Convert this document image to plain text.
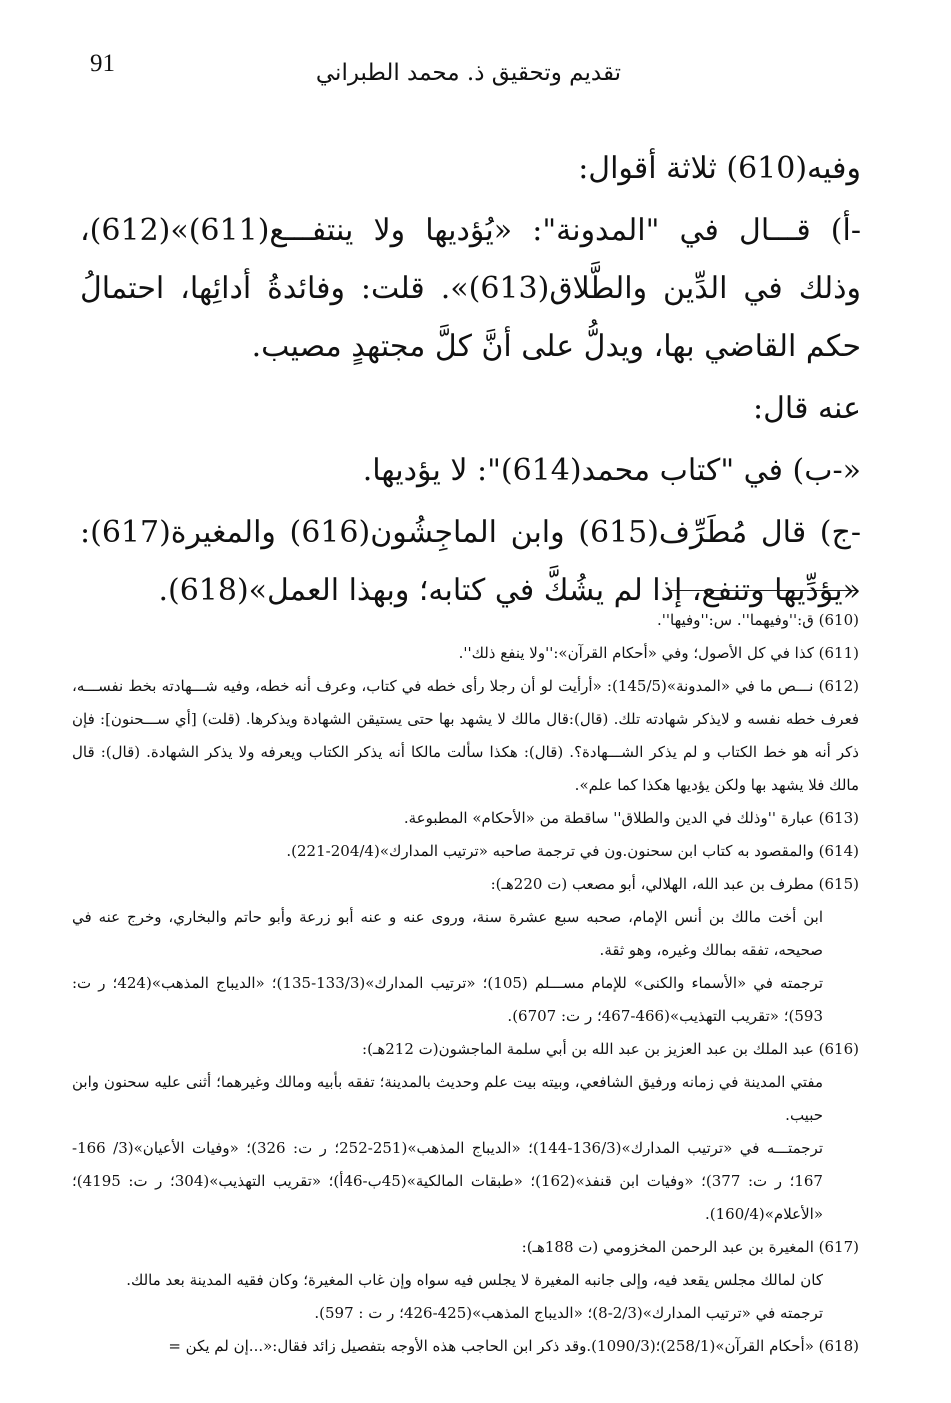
91	تقديم وتحقيق ذ. محمد الطبراني

وفيه(610) ثلاثة أقوال:

-أ) قـــال في "المدونة": «يُؤديها ولا ينتفـــع(611)»(612)، وذلك في الدِّين والطَّلاق(613)». قلت: وفائدةُ أدائِها، احتمالُ حكم القاضي بها، ويدلُّ على أنَّ كلَّ مجتهدٍ مصيب.

عنه قال:

«-ب) في "كتاب محمد(614)": لا يؤديها.

-ج) قال مُطَرِّف(615) وابن الماجِشُون(616) والمغيرة(617): «يؤدِّيها وتنفع، إذا لم يشُكَّ في كتابه؛ وبهذا العمل»(618).

(610) ق:''وفيهما''. س:''وفيها''.

(611) كذا في كل الأصول؛ وفي «أحكام القرآن»:''ولا ينفع ذلك''.

(612) نـــص ما في «المدونة»(145/5): «أرأيت لو أن رجلا رأى خطه في كتاب، وعرف أنه خطه، وفيه شـــهادته بخط نفســـه، فعرف خطه نفسه و لايذكر شهادته تلك. (قال):قال مالك لا يشهد بها حتى يستيقن الشهادة ويذكرها. (قلت) [أي ســـحنون]: فإن ذكر أنه هو خط الكتاب و لم يذكر الشـــهادة؟. (قال): هكذا سألت مالكا أنه يذكر الكتاب ويعرفه ولا يذكر الشهادة. (قال): قال مالك فلا يشهد بها ولكن يؤديها هكذا كما علم».

(613) عبارة ''وذلك في الدين والطلاق'' ساقطة من «الأحكام» المطبوعة.

(614) والمقصود به كتاب ابن سحنون.ون في ترجمة صاحبه «ترتيب المدارك»(204/4-221).

(615) مطرف بن عبد الله، الهلالي، أبو مصعب (ت 220هـ):

ابن أخت مالك بن أنس الإمام، صحبه سبع عشرة سنة، وروى عنه و عنه أبو زرعة وأبو حاتم والبخاري، وخرج عنه في صحيحه، تفقه بمالك وغيره، وهو ثقة.

ترجمته في «الأسماء والكنى» للإمام مســـلم (105)؛ «ترتيب المدارك»(133/3-135)؛ «الديباج المذهب»(424؛ ر ت: 593)؛ «تقريب التهذيب»(466-467؛ ر ت: 6707).

(616) عبد الملك بن عبد العزيز بن عبد الله بن أبي سلمة الماجشون(ت 212هـ):

مفتي المدينة في زمانه ورفيق الشافعي، وبيته بيت علم وحديث بالمدينة؛ تفقه بأبيه ومالك وغيرهما؛ أثنى عليه سحنون وابن حبيب.

ترجمتـــه في «ترتيب المدارك»(136/3-144)؛ «الديباج المذهب»(251-252؛ ر ت: 326)؛ «وفيات الأعيان»(3/ 166-167؛ ر ت: 377)؛ «وفيات ابن قنفذ»(162)؛ «طبقات المالكية»(45ب-46أ)؛ «تقريب التهذيب»(304؛ ر ت: 4195)؛ «الأعلام»(160/4).

(617) المغيرة بن عبد الرحمن المخزومي (ت 188هـ):

كان لمالك مجلس يقعد فيه، وإلى جانبه المغيرة لا يجلس فيه سواه وإن غاب المغيرة؛ وكان فقيه المدينة بعد مالك.

ترجمته في «ترتيب المدارك»(2/3-8)؛ «الديباج المذهب»(425-426؛ ر ت : 597).

(618) «أحكام القرآن»(258/1)؛(1090/3).وقد ذكر ابن الحاجب هذه الأوجه بتفصيل زائد فقال:«...إن لم يكن =
